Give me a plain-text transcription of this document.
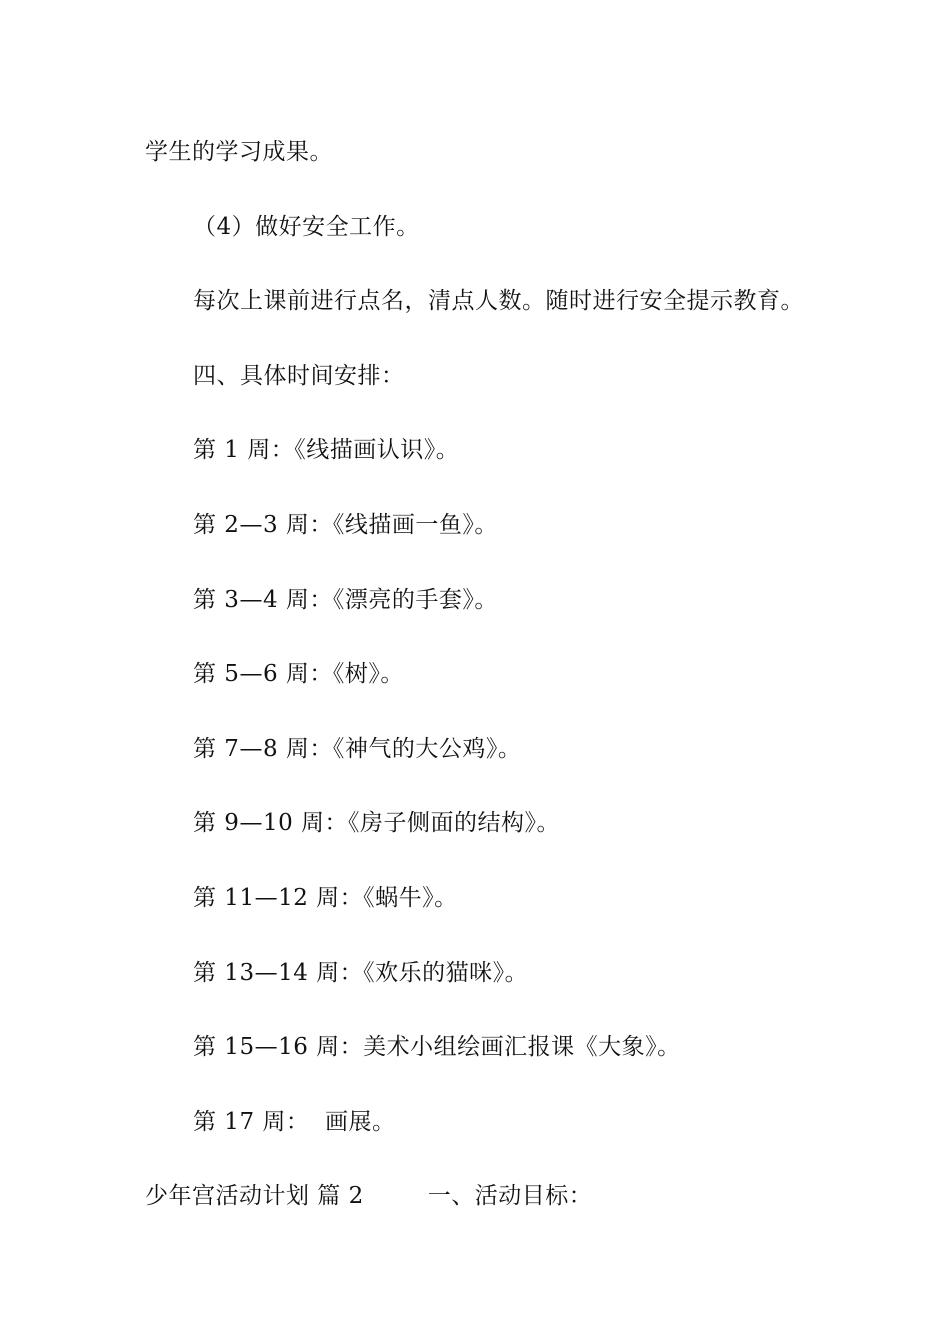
学生的学习成果。
（4）做好安全工作。
每次上课前进行点名，清点人数。随时进行安全提示教育。
四、具体时间安排：
第 1 周：《线描画认识》。
第 2—3 周：《线描画一鱼》。
第 3—4 周：《漂亮的手套》。
第 5—6 周：《树》。
第 7—8 周：《神气的大公鸡》。
第 9—10 周：《房子侧面的结构》。
第 11—12 周：《蜗牛》。
第 13—14 周：《欢乐的猫咪》。
第 15—16 周：美术小组绘画汇报课《大象》。
第 17 周：  画展。
少年宫活动计划 篇 2	一、活动目标：
